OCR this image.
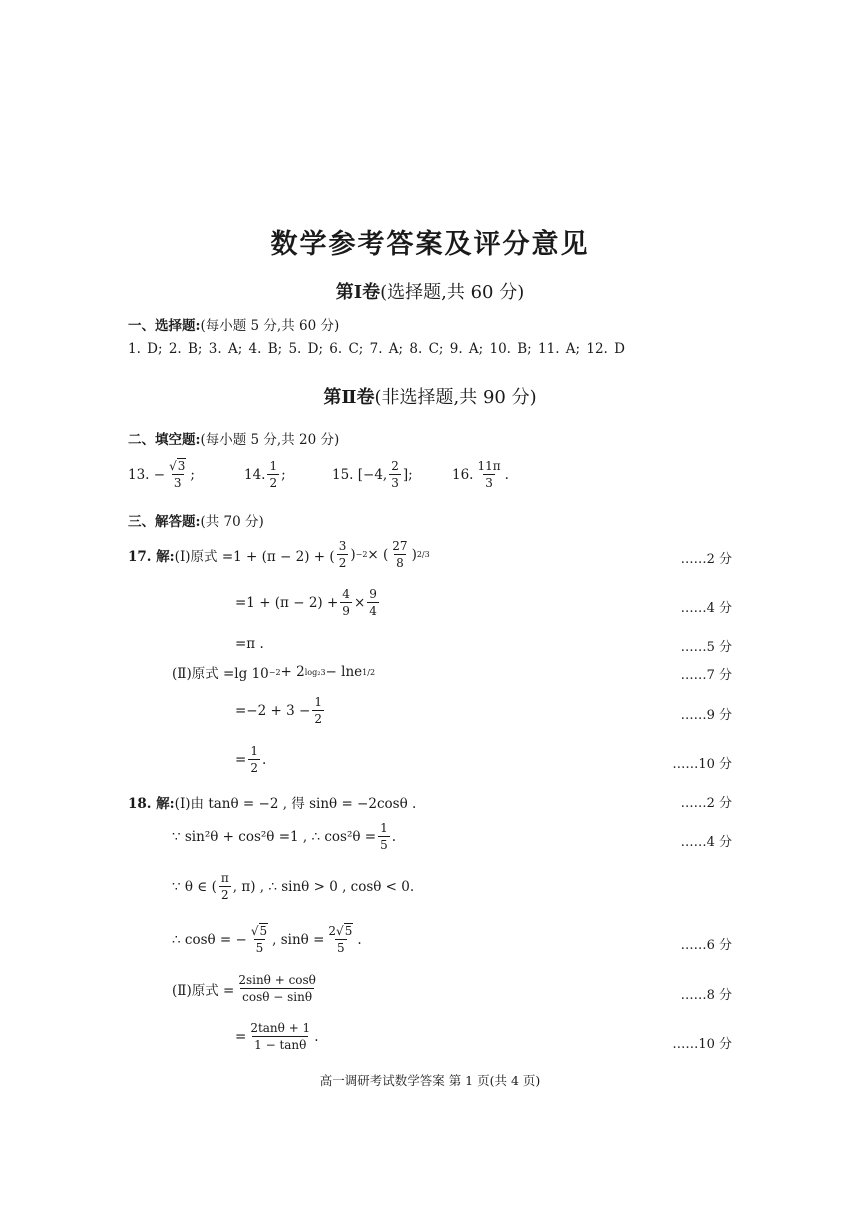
数学参考答案及评分意见
第Ⅰ卷(选择题,共 60 分)
一、选择题:(每小题 5 分,共 60 分)
1. D; 2. B; 3. A; 4. B; 5. D; 6. C; 7. A; 8. C; 9. A; 10. B; 11. A; 12. D
第Ⅱ卷(非选择题,共 90 分)
二、填空题:(每小题 5 分,共 20 分)
13. − $\frac{√3}{3}$ ;	14. $\frac{1}{2}$ ;	15. [−4, $\frac{2}{3}$ ];	16. $\frac{11\pi}{3}$ .
三、解答题:(共 70 分)
17. 解: (Ⅰ)原式 =1 + (π − 2) + ( $\frac{3}{2}$ ) −2 × ( $\frac{27}{8}$ ) 2/3	……2 分
$=1 + (\pi - 2) + \frac{4}{9} \times \frac{9}{4}$	……4 分
=π .	……5 分
(Ⅱ)原式 =lg 10 −2 + 2 log₂3 − lne 1/2	……7 分
$=-2 + 3 - \frac{1}{2}$	……9 分
= $\frac{1}{2}$ .	……10 分
18. 解: (Ⅰ)由 tanθ = −2 , 得 sinθ = −2cosθ .	……2 分
∵ sin²θ + cos²θ =1 , ∴ $\cos^2\theta = \frac{1}{5}$ .	……4 分
∵ θ ∈ ( $\frac{\pi}{2}$ , π) , ∴ sinθ > 0 , cosθ < 0.
∴ cosθ = − $\frac{√5}{5}$ , $\sin\theta = \frac{2√5}{5}$ .	……6 分
(Ⅱ)原式 = $\frac{2\sin\theta + \cos\theta}{\cos\theta - \sin\theta}$	……8 分
= $\frac{2\tan\theta + 1}{1 - \tan\theta}$ .	……10 分
高一调研考试数学答案 第 1 页(共 4 页)
